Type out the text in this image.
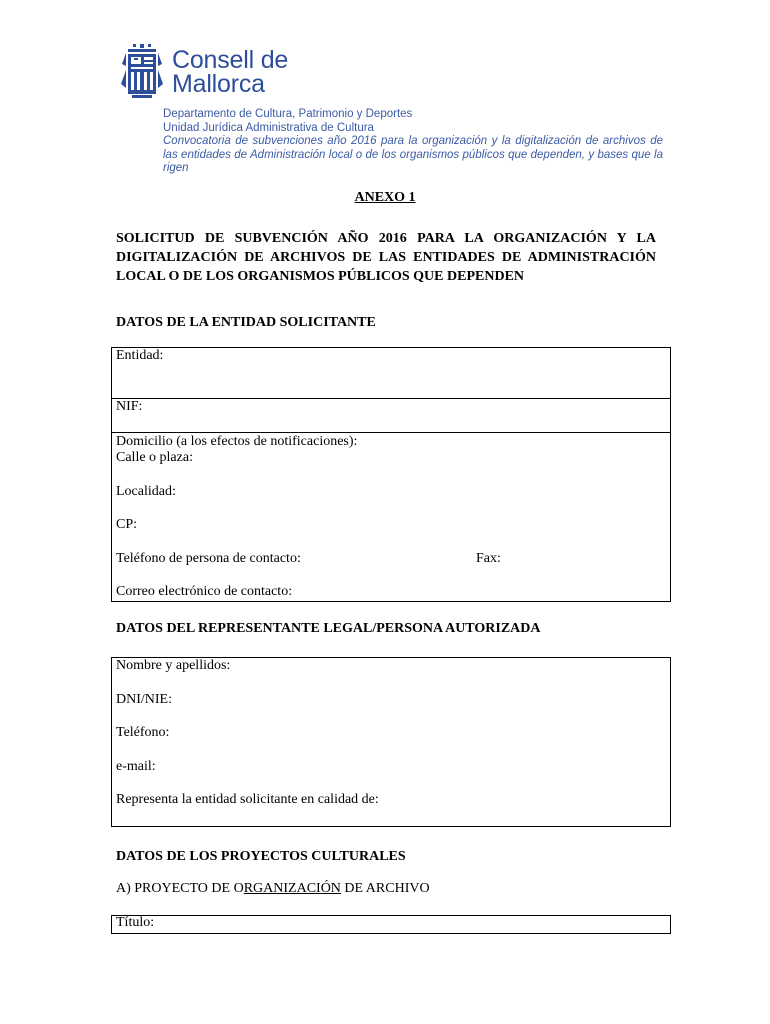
Consell de
Mallorca
Departamento de Cultura, Patrimonio y Deportes
Unidad Jurídica Administrativa de Cultura
Convocatoria de subvenciones año 2016 para la organización y la digitalización de archivos de las entidades de Administración local o de los organismos públicos que dependen, y bases que la rigen
ANEXO 1
SOLICITUD DE SUBVENCIÓN AÑO 2016 PARA LA ORGANIZACIÓN Y LA DIGITALIZACIÓN DE ARCHIVOS DE LAS ENTIDADES DE ADMINISTRACIÓN LOCAL O DE LOS ORGANISMOS PÚBLICOS QUE DEPENDEN
DATOS DE LA ENTIDAD SOLICITANTE
Entidad:
NIF:
Domicilio (a los efectos de notificaciones):
Calle o plaza:
Localidad:
CP:
Teléfono de persona de contacto:	Fax:
Correo electrónico de contacto:
DATOS DEL REPRESENTANTE LEGAL/PERSONA AUTORIZADA
Nombre y apellidos:
DNI/NIE:
Teléfono:
e-mail:
Representa la entidad solicitante en calidad de:
DATOS DE LOS PROYECTOS CULTURALES
A) PROYECTO DE ORGANIZACIÓN DE ARCHIVO
Título:
